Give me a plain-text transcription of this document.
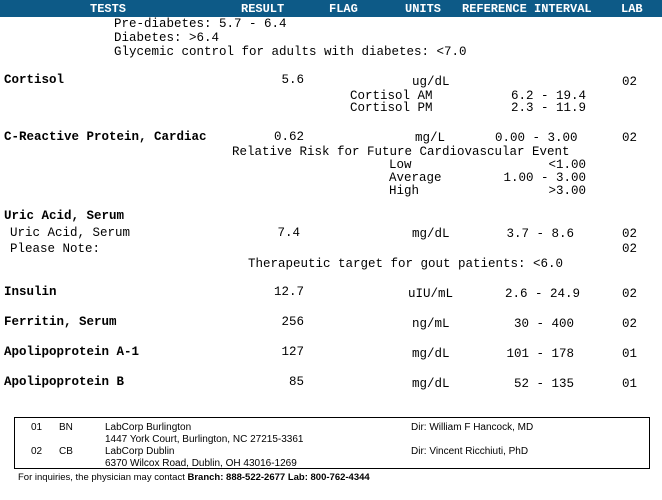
TESTS	RESULT	FLAG	UNITS REFERENCE INTERVAL LAB
Pre-diabetes: 5.7 - 6.4
Diabetes: >6.4
Glycemic control for adults with diabetes: <7.0
Cortisol	5.6	ug/dL	02
Cortisol AM	6.2 - 19.4
Cortisol PM	2.3 - 11.9
C-Reactive Protein, Cardiac	0.62	mg/L	0.00 - 3.00	02
Relative Risk for Future Cardiovascular Event
Low	<1.00
Average	1.00 - 3.00
High	>3.00
Uric Acid, Serum
Uric Acid, Serum	7.4	mg/dL	3.7 - 8.6	02
Please Note:	02
Therapeutic target for gout patients: <6.0
Insulin	12.7	uIU/mL	2.6 - 24.9	02
Ferritin, Serum	256	ng/mL	30 - 400	02
Apolipoprotein A-1	127	mg/dL	101 - 178	01
Apolipoprotein B	85	mg/dL	52 - 135	01
01 BN	LabCorp Burlington
1447 York Court, Burlington, NC 27215-3361
Dir: William F Hancock, MD
02 CB	LabCorp Dublin
6370 Wilcox Road, Dublin, OH 43016-1269
Dir: Vincent Ricchiuti, PhD
For inquiries, the physician may contact Branch: 888-522-2677 Lab: 800-762-4344
